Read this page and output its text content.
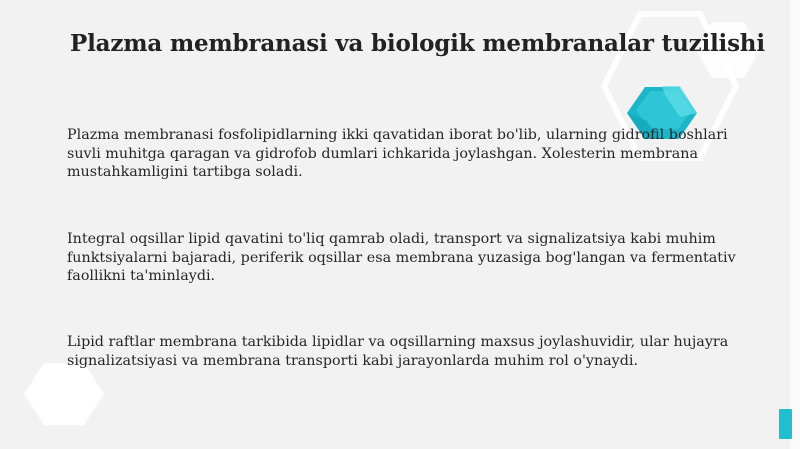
Plazma membranasi va biologik membranalar tuzilishi

Plazma membranasi fosfolipidlarning ikki qavatidan iborat bo'lib, ularning gidrofil boshlari suvli muhitga qaragan va gidrofob dumlari ichkarida joylashgan. Xolesterin membrana mustahkamligini tartibga soladi.

Integral oqsillar lipid qavatini to'liq qamrab oladi, transport va signalizatsiya kabi muhim funktsiyalarni bajaradi, periferik oqsillar esa membrana yuzasiga bog'langan va fermentativ faollikni ta'minlaydi.

Lipid raftlar membrana tarkibida lipidlar va oqsillarning maxsus joylashuvidir, ular hujayra signalizatsiyasi va membrana transporti kabi jarayonlarda muhim rol o'ynaydi.
